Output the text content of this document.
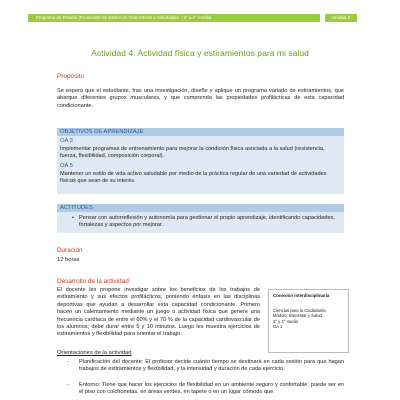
Programa de Estudio (Promoción de Estilos de Vida Activos y Saludables – 3° a 4° medio)	Unidad 2
Actividad 4: Actividad física y estiramientos para mi salud
Propósito

Se espera que el estudiante, tras una investigación, diseñe y aplique un programa variado de estiramientos, que abarque diferentes grupos musculares, y que comprenda las propiedades profilácticas de esta capacidad condicionante.

OBJETIVOS DE APRENDIZAJE
OA 3

Implementar programas de entrenamiento para mejorar la condición física asociada a la salud (resistencia, fuerza, flexibilidad, composición corporal).

OA 5

Mantener un estilo de vida activo saludable por medio de la práctica regular de una variedad de actividades físicas que sean de su interés.

ACTITUDES
• Pensar con autorreflexión y autonomía para gestionar el propio aprendizaje, identificando capacidades, fortalezas y aspectos por mejorar.

Duración
12 horas
Desarrollo de la actividad

El docente les propone investigar sobre los beneficios de los trabajos de estiramiento y sus efectos profilácticos, poniendo énfasis en las disciplinas deportivas que ayudan a desarrollar esta capacidad condicionante. Primero hacen un calentamiento mediante un juego o actividad física que genere una frecuencia cardíaca de entre el 60% y el 70 % de la capacidad cardiovascular de los alumnos; debe durar entre 5 y 10 minutos. Luego les muestra ejercicios de estiramientos y flexibilidad para orientar el trabajo.

Conexión interdisciplinaria
Ciencias para la Ciudadanía
Módulo: Bienestar y Salud
3° y 4° medio
OA 1
Orientaciones de la actividad
- Planificación del docente: El profesor decide cuánto tiempo se destinará en cada sesión para que hagan trabajos de estiramientos y flexibilidad, y la intensidad y duración de cada ejercicio.

- Entorno: Tiene que hacer los ejercicios de flexibilidad en un ambiente seguro y confortable; puede ser en el piso con colchonetas, en áreas verdes, en tapete o en un lugar cómodo que
